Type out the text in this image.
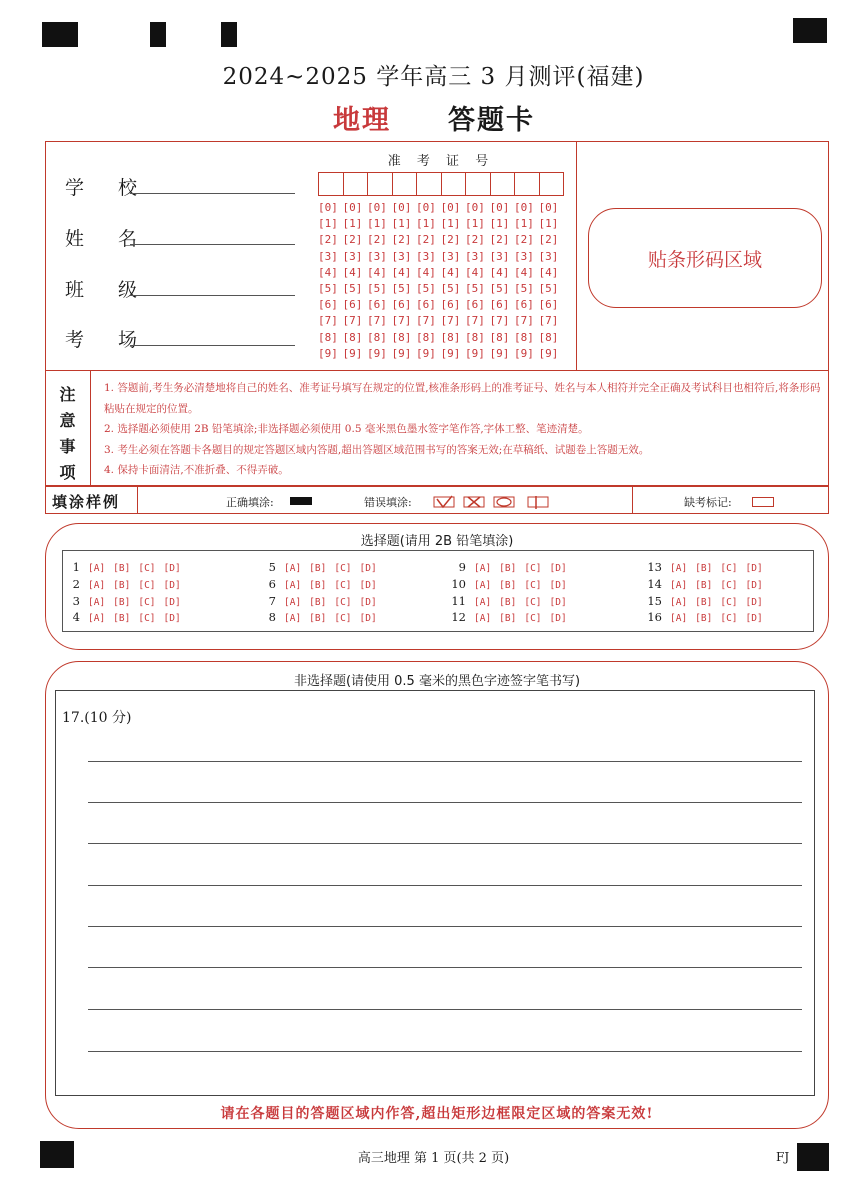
2024~2025 学年高三 3 月测评(福建)
地理 答题卡
学 校
姓 名
班 级
考 场
准 考 证 号
[0] [0] [0] [0] [0] [0] [0] [0] [0] [0]
[1] [1] [1] [1] [1] [1] [1] [1] [1] [1]
[2] [2] [2] [2] [2] [2] [2] [2] [2] [2]
[3] [3] [3] [3] [3] [3] [3] [3] [3] [3]
[4] [4] [4] [4] [4] [4] [4] [4] [4] [4]
[5] [5] [5] [5] [5] [5] [5] [5] [5] [5]
[6] [6] [6] [6] [6] [6] [6] [6] [6] [6]
[7] [7] [7] [7] [7] [7] [7] [7] [7] [7]
[8] [8] [8] [8] [8] [8] [8] [8] [8] [8]
[9] [9] [9] [9] [9] [9] [9] [9] [9] [9]
贴条形码区域
注
意
事
项
1. 答题前,考生务必清楚地将自己的姓名、准考证号填写在规定的位置,核准条形码上的准考证号、姓名与本人相符并完全正确及考试科目也相符后,将条形码粘贴在规定的位置。
2. 选择题必须使用 2B 铅笔填涂;非选择题必须使用 0.5 毫米黑色墨水签字笔作答,字体工整、笔迹清楚。
3. 考生必须在答题卡各题目的规定答题区域内答题,超出答题区域范围书写的答案无效;在草稿纸、试题卷上答题无效。
4. 保持卡面清洁,不准折叠、不得弄破。
填涂样例	正确填涂:	错误填涂:	缺考标记:
选择题(请用 2B 铅笔填涂)
1 [A] [B] [C] [D]
2 [A] [B] [C] [D]
3 [A] [B] [C] [D]
4 [A] [B] [C] [D]
5 [A] [B] [C] [D]
6 [A] [B] [C] [D]
7 [A] [B] [C] [D]
8 [A] [B] [C] [D]
9 [A] [B] [C] [D]
10 [A] [B] [C] [D]
11 [A] [B] [C] [D]
12 [A] [B] [C] [D]
13 [A] [B] [C] [D]
14 [A] [B] [C] [D]
15 [A] [B] [C] [D]
16 [A] [B] [C] [D]
非选择题(请使用 0.5 毫米的黑色字迹签字笔书写)
17.(10 分)
请在各题目的答题区域内作答,超出矩形边框限定区域的答案无效!
高三地理 第 1 页(共 2 页)	FJ
